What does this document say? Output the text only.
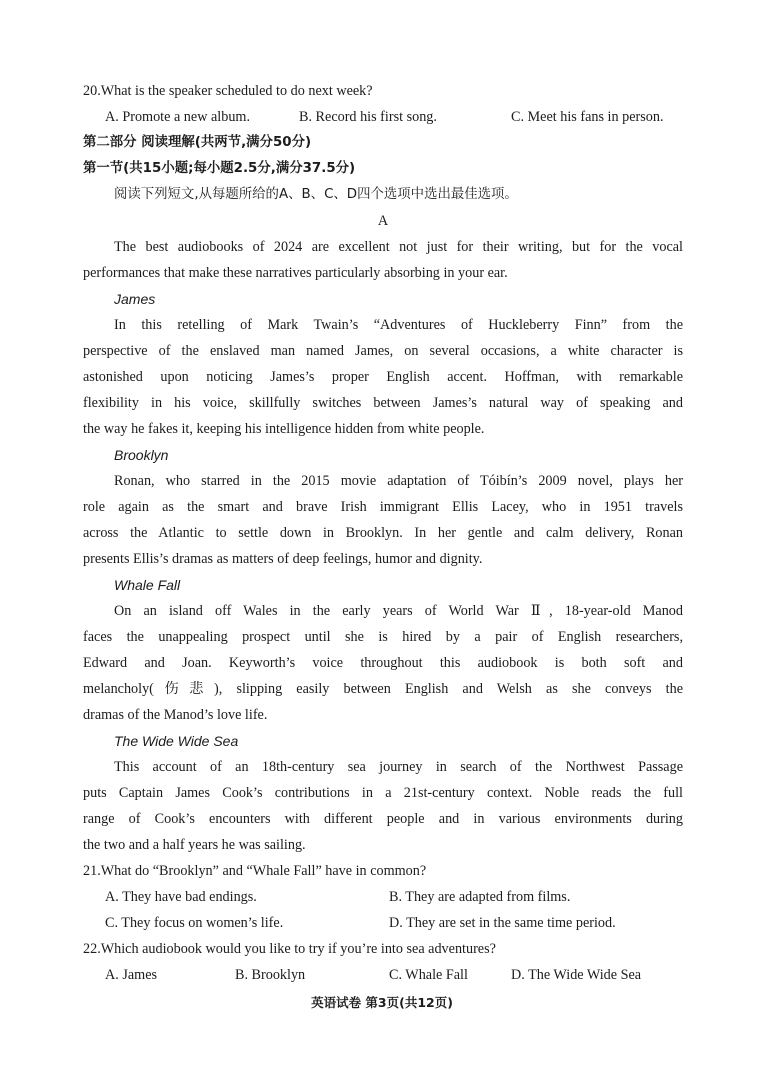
20.What is the speaker scheduled to do next week?
A. Promote a new album.	B. Record his first song.	C. Meet his fans in person.
第二部分 阅读理解(共两节,满分50分)
第一节(共15小题;每小题2.5分,满分37.5分)
阅读下列短文,从每题所给的A、B、C、D四个选项中选出最佳选项。
A
The best audiobooks of 2024 are excellent not just for their writing, but for the vocal
performances that make these narratives particularly absorbing in your ear.
James
In this retelling of Mark Twain’s “Adventures of Huckleberry Finn” from the
perspective of the enslaved man named James, on several occasions, a white character is
astonished upon noticing James’s proper English accent. Hoffman, with remarkable
flexibility in his voice, skillfully switches between James’s natural way of speaking and
the way he fakes it, keeping his intelligence hidden from white people.
Brooklyn
Ronan, who starred in the 2015 movie adaptation of Tóibín’s 2009 novel, plays her
role again as the smart and brave Irish immigrant Ellis Lacey, who in 1951 travels
across the Atlantic to settle down in Brooklyn. In her gentle and calm delivery, Ronan
presents Ellis’s dramas as matters of deep feelings, humor and dignity.
Whale Fall
On an island off Wales in the early years of World War Ⅱ, 18-year-old Manod
faces the unappealing prospect until she is hired by a pair of English researchers,
Edward and Joan. Keyworth’s voice throughout this audiobook is both soft and
melancholy(伤悲), slipping easily between English and Welsh as she conveys the
dramas of the Manod’s love life.
The Wide Wide Sea
This account of an 18th-century sea journey in search of the Northwest Passage
puts Captain James Cook’s contributions in a 21st-century context. Noble reads the full
range of Cook’s encounters with different people and in various environments during
the two and a half years he was sailing.
21.What do “Brooklyn” and “Whale Fall” have in common?
A. They have bad endings.	B. They are adapted from films.
C. They focus on women’s life.	D. They are set in the same time period.
22.Which audiobook would you like to try if you’re into sea adventures?
A. James	B. Brooklyn	C. Whale Fall	D. The Wide Wide Sea
英语试卷 第3页(共12页)
